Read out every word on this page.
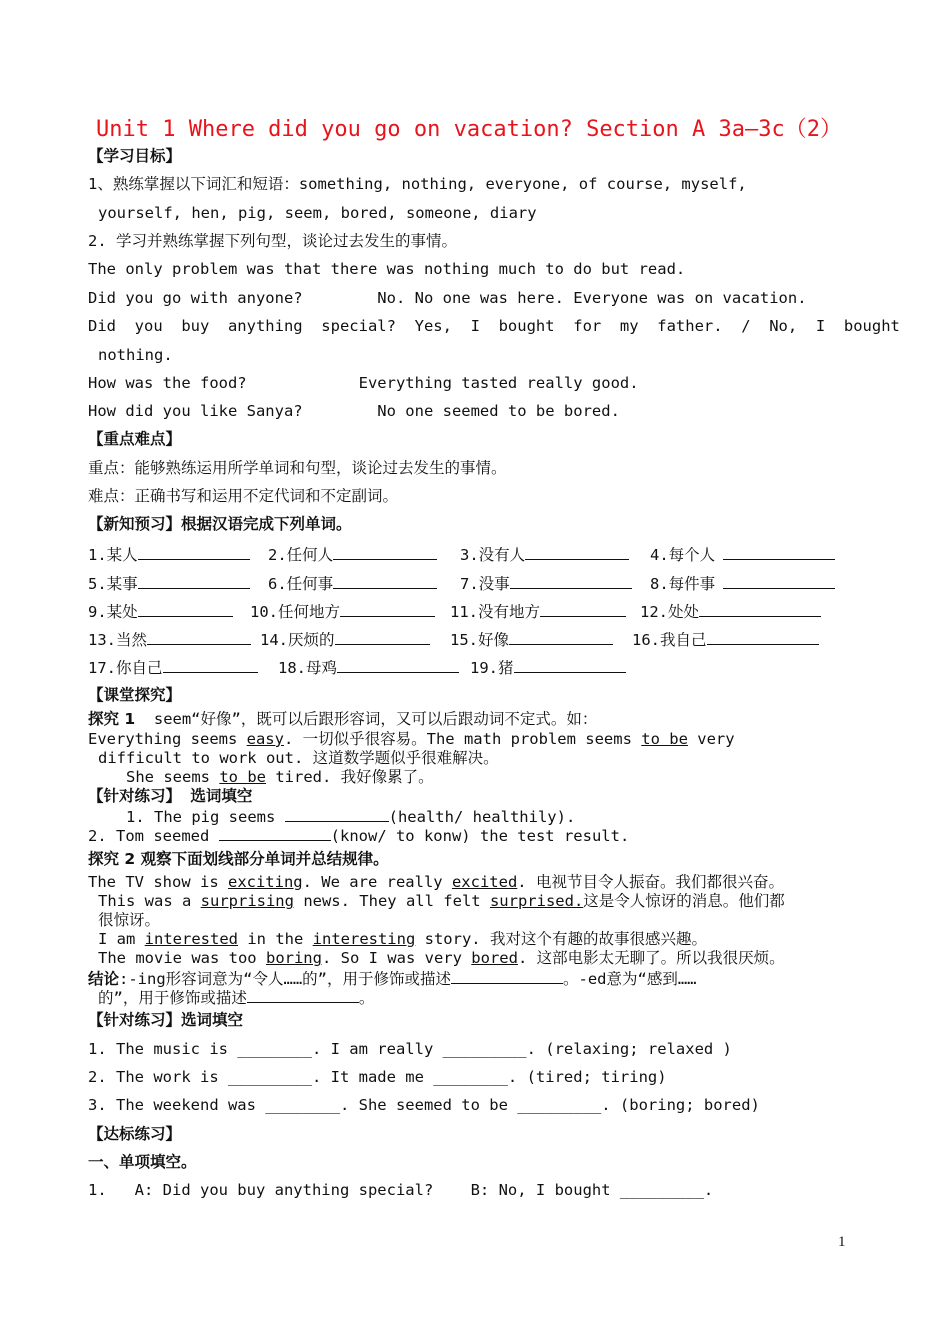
Unit 1 Where did you go on vacation? Section A 3a—3c（2）
【学习目标】
1、熟练掌握以下词汇和短语：something, nothing, everyone, of course, myself,
yourself, hen, pig, seem, bored, someone, diary
2. 学习并熟练掌握下列句型，谈论过去发生的事情。
The only problem was that there was nothing much to do but read.
Did you go with anyone?        No. No one was here. Everyone was on vacation.
Did  you  buy  anything  special?  Yes,  I  bought  for  my  father.  /  No,  I  bought
nothing.
How was the food?            Everything tasted really good.
How did you like Sanya?        No one seemed to be bored.
【重点难点】
重点：能够熟练运用所学单词和句型，谈论过去发生的事情。
难点：正确书写和运用不定代词和不定副词。
【新知预习】根据汉语完成下列单词。
1.某人	2.任何人	3.没有人	4.每个人
5.某事	6.任何事	7.没事	8.每件事
9.某处	10.任何地方	11.没有地方	12.处处
13.当然	14.厌烦的	15.好像	16.我自己
17.你自己	18.母鸡	19.猪
【课堂探究】
探究 1 seem“好像”，既可以后跟形容词，又可以后跟动词不定式。如：
Everything seems easy. 一切似乎很容易。The math problem seems to be very
difficult to work out. 这道数学题似乎很难解决。
She seems to be tired. 我好像累了。
【针对练习】 选词填空
1. The pig seems	(health/ healthily).
2. Tom seemed	(know/ to konw) the test result.
探究 2 观察下面划线部分单词并总结规律。
The TV show is exciting. We are really excited. 电视节目令人振奋。我们都很兴奋。
This was a surprising news. They all felt surprised.这是令人惊讶的消息。他们都
很惊讶。
I am interested in the interesting story. 我对这个有趣的故事很感兴趣。
The movie was too boring. So I was very bored. 这部电影太无聊了。所以我很厌烦。
结论:-ing形容词意为“令人……的”，用于修饰或描述	。-ed意为“感到……
的”，用于修饰或描述	。
【针对练习】选词填空
1. The music is ________. I am really _________. (relaxing; relaxed )
2. The work is _________. It made me ________. (tired; tiring)
3. The weekend was ________. She seemed to be _________. (boring; bored)
【达标练习】
一、单项填空。
1.   A: Did you buy anything special?    B: No, I bought _________.
1
